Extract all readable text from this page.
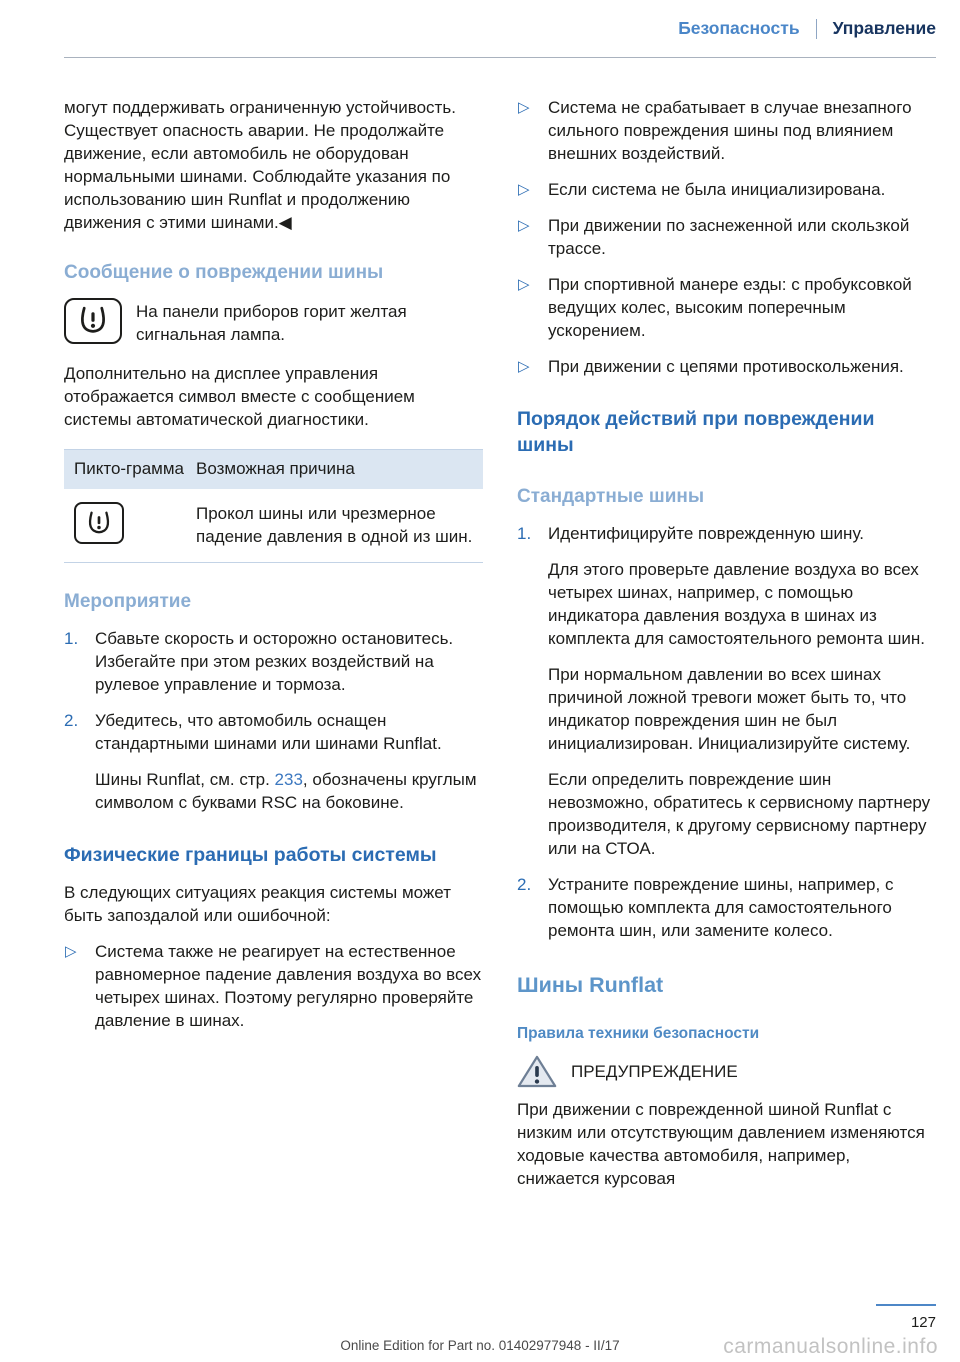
Безопасность Управление

могут поддерживать ограниченную устойчивость. Существует опасность аварии. Не продолжайте движение, если автомобиль не оборудован нормальными шинами. Соблюдайте указания по использованию шин Runflat и продолжению движения с этими шинами.◀

Сообщение о повреждении шины

На панели приборов горит желтая сигнальная лампа.

Дополнительно на дисплее управления отображается символ вместе с сообщением системы автоматической диагностики.

Пикто-грамма Возможная причина
Прокол шины или чрезмерное падение давления в одной из шин.
Мероприятие
1. Сбавьте скорость и осторожно остановитесь. Избегайте при этом резких воздействий на рулевое управление и тормоза.
2. Убедитесь, что автомобиль оснащен стандартными шинами или шинами Runflat.
Шины Runflat, см. стр. 233, обозначены круглым символом с буквами RSC на боковине.
Физические границы работы системы

В следующих ситуациях реакция системы может быть запоздалой или ошибочной:

▷ Система также не реагирует на естественное равномерное падение давления воздуха во всех четырех шинах. Поэтому регулярно проверяйте давление в шинах.
▷ Система не срабатывает в случае внезапного сильного повреждения шины под влиянием внешних воздействий.
▷ Если система не была инициализирована.
▷ При движении по заснеженной или скользкой трассе.
▷ При спортивной манере езды: с пробуксовкой ведущих колес, высоким поперечным ускорением.
▷ При движении с цепями противоскольжения.
Порядок действий при повреждении шины
Стандартные шины
1. Идентифицируйте поврежденную шину.
Для этого проверьте давление воздуха во всех четырех шинах, например, с помощью индикатора давления воздуха в шинах из комплекта для самостоятельного ремонта шин.
При нормальном давлении во всех шинах причиной ложной тревоги может быть то, что индикатор повреждения шин не был инициализирован. Инициализируйте систему.
Если определить повреждение шин невозможно, обратитесь к сервисному партнеру производителя, к другому сервисному партнеру или на СТОА.
2. Устраните повреждение шины, например, с помощью комплекта для самостоятельного ремонта шин, или замените колесо.
Шины Runflat
Правила техники безопасности
ПРЕДУПРЕЖДЕНИЕ

При движении с поврежденной шиной Runflat с низким или отсутствующим давлением изменяются ходовые качества автомобиля, например, снижается курсовая

127
Online Edition for Part no. 01402977948 - II/17	carmanualsonline.info
